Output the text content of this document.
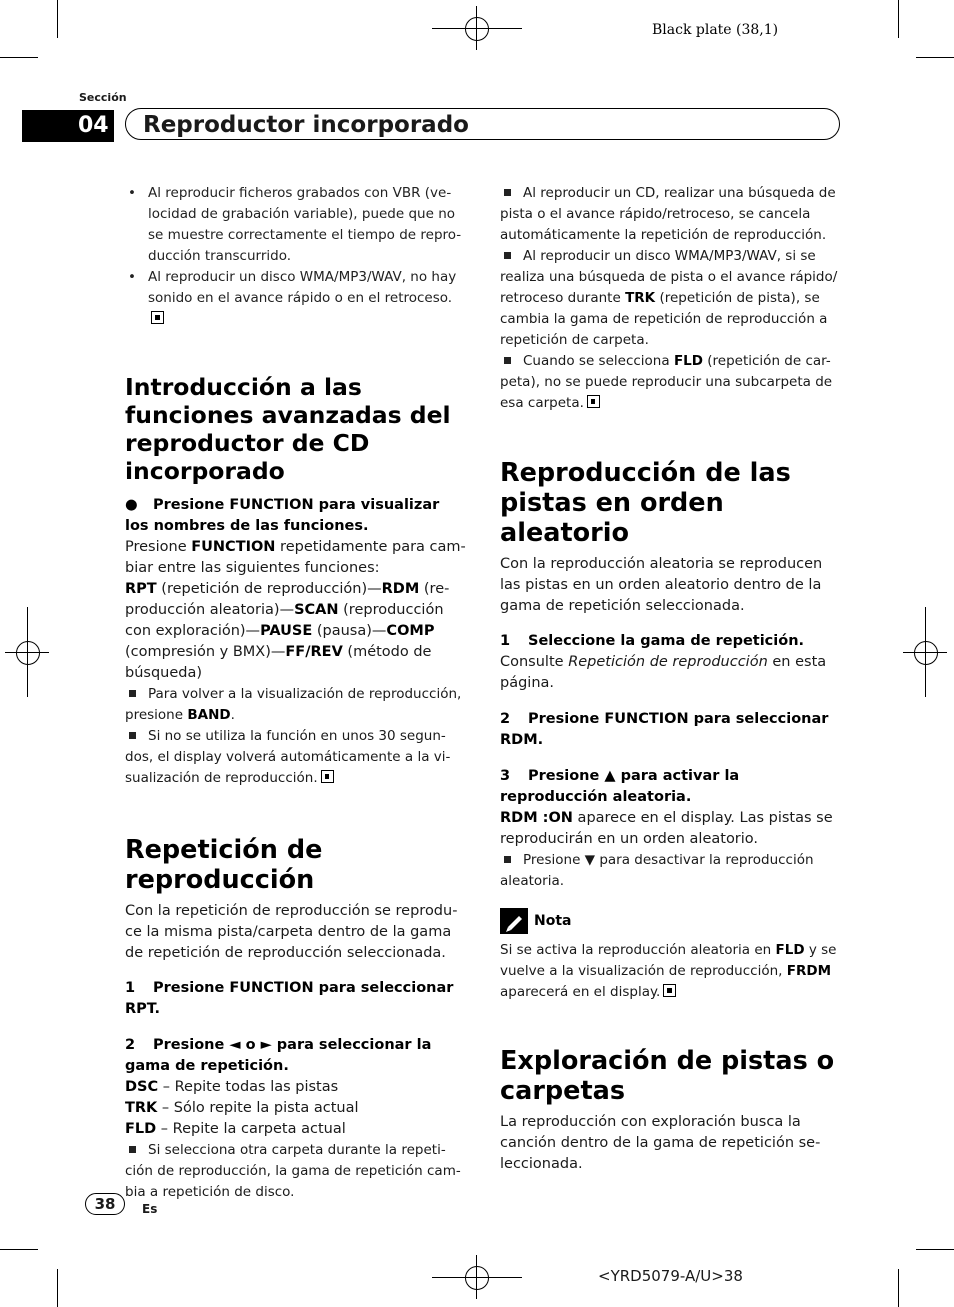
Black plate (38,1)
Sección
04 Reproductor incorporado
• Al reproducir ficheros grabados con VBR (ve-locidad de grabación variable), puede que no se muestre correctamente el tiempo de repro-ducción transcurrido.
• Al reproducir un disco WMA/MP3/WAV, no hay sonido en el avance rápido o en el retroceso.
Introducción a las funciones avanzadas del reproductor de CD incorporado
● Presione FUNCTION para visualizar los nombres de las funciones.

Presione FUNCTION repetidamente para cam-biar entre las siguientes funciones:

RPT (repetición de reproducción)—RDM (re-producción aleatoria)—SCAN (reproducción con exploración)—PAUSE (pausa)—COMP (compresión y BMX)—FF/REV (método de búsqueda)

Para volver a la visualización de reproducción, presione BAND.

Si no se utiliza la función en unos 30 segun-dos, el display volverá automáticamente a la vi-sualización de reproducción.

Repetición de reproducción

Con la repetición de reproducción se reprodu-ce la misma pista/carpeta dentro de la gama de repetición de reproducción seleccionada.

1 Presione FUNCTION para seleccionar RPT.
2 Presione ◄ o ► para seleccionar la gama de repetición.

DSC – Repite todas las pistas

TRK – Sólo repite la pista actual

FLD – Repite la carpeta actual

Si selecciona otra carpeta durante la repeti-ción de reproducción, la gama de repetición cam-bia a repetición de disco.

Al reproducir un CD, realizar una búsqueda de pista o el avance rápido/retroceso, se cancela automáticamente la repetición de reproducción.

Al reproducir un disco WMA/MP3/WAV, si se realiza una búsqueda de pista o el avance rápido/ retroceso durante TRK (repetición de pista), se cambia la gama de repetición de reproducción a repetición de carpeta.

Cuando se selecciona FLD (repetición de car-peta), no se puede reproducir una subcarpeta de esa carpeta.

Reproducción de las pistas en orden aleatorio

Con la reproducción aleatoria se reproducen las pistas en un orden aleatorio dentro de la gama de repetición seleccionada.

1 Seleccione la gama de repetición.

Consulte Repetición de reproducción en esta página.

2 Presione FUNCTION para seleccionar RDM.
3 Presione ▲ para activar la reproducción aleatoria.

RDM :ON aparece en el display. Las pistas se reproducirán en un orden aleatorio.

Presione ▼ para desactivar la reproducción aleatoria.

Nota

Si se activa la reproducción aleatoria en FLD y se vuelve a la visualización de reproducción, FRDM aparecerá en el display.

Exploración de pistas o carpetas

La reproducción con exploración busca la canción dentro de la gama de repetición se-leccionada.

38	Es
<YRD5079-A/U>38
